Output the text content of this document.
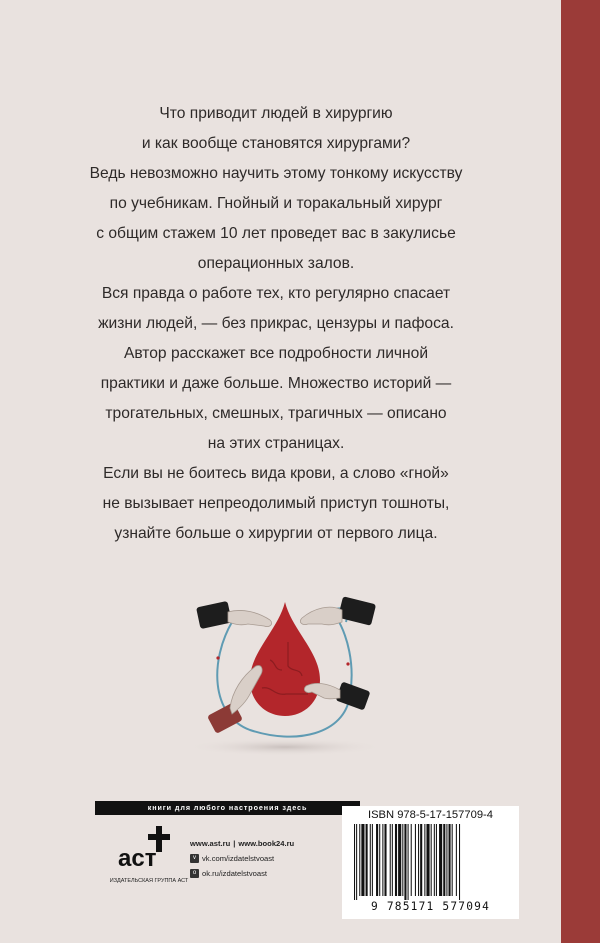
Что приводит людей в хирургию
и как вообще становятся хирургами?
Ведь невозможно научить этому тонкому искусству
по учебникам. Гнойный и торакальный хирург
с общим стажем 10 лет проведет вас в закулисье
операционных залов.
Вся правда о работе тех, кто регулярно спасает
жизни людей, — без прикрас, цензуры и пафоса.
Автор расскажет все подробности личной
практики и даже больше. Множество историй —
трогательных, смешных, трагичных — описано
на этих страницах.
Если вы не боитесь вида крови, а слово «гной»
не вызывает непреодолимый приступ тошноты,
узнайте больше о хирургии от первого лица.
книги для любого настроения здесь
аст
ИЗДАТЕЛЬСКАЯ ГРУППА АСТ
www.ast.ru | www.book24.ru
v vk.com/izdatelstvoast
o ok.ru/izdatelstvoast
ISBN 978-5-17-157709-4
9 785171 577094
